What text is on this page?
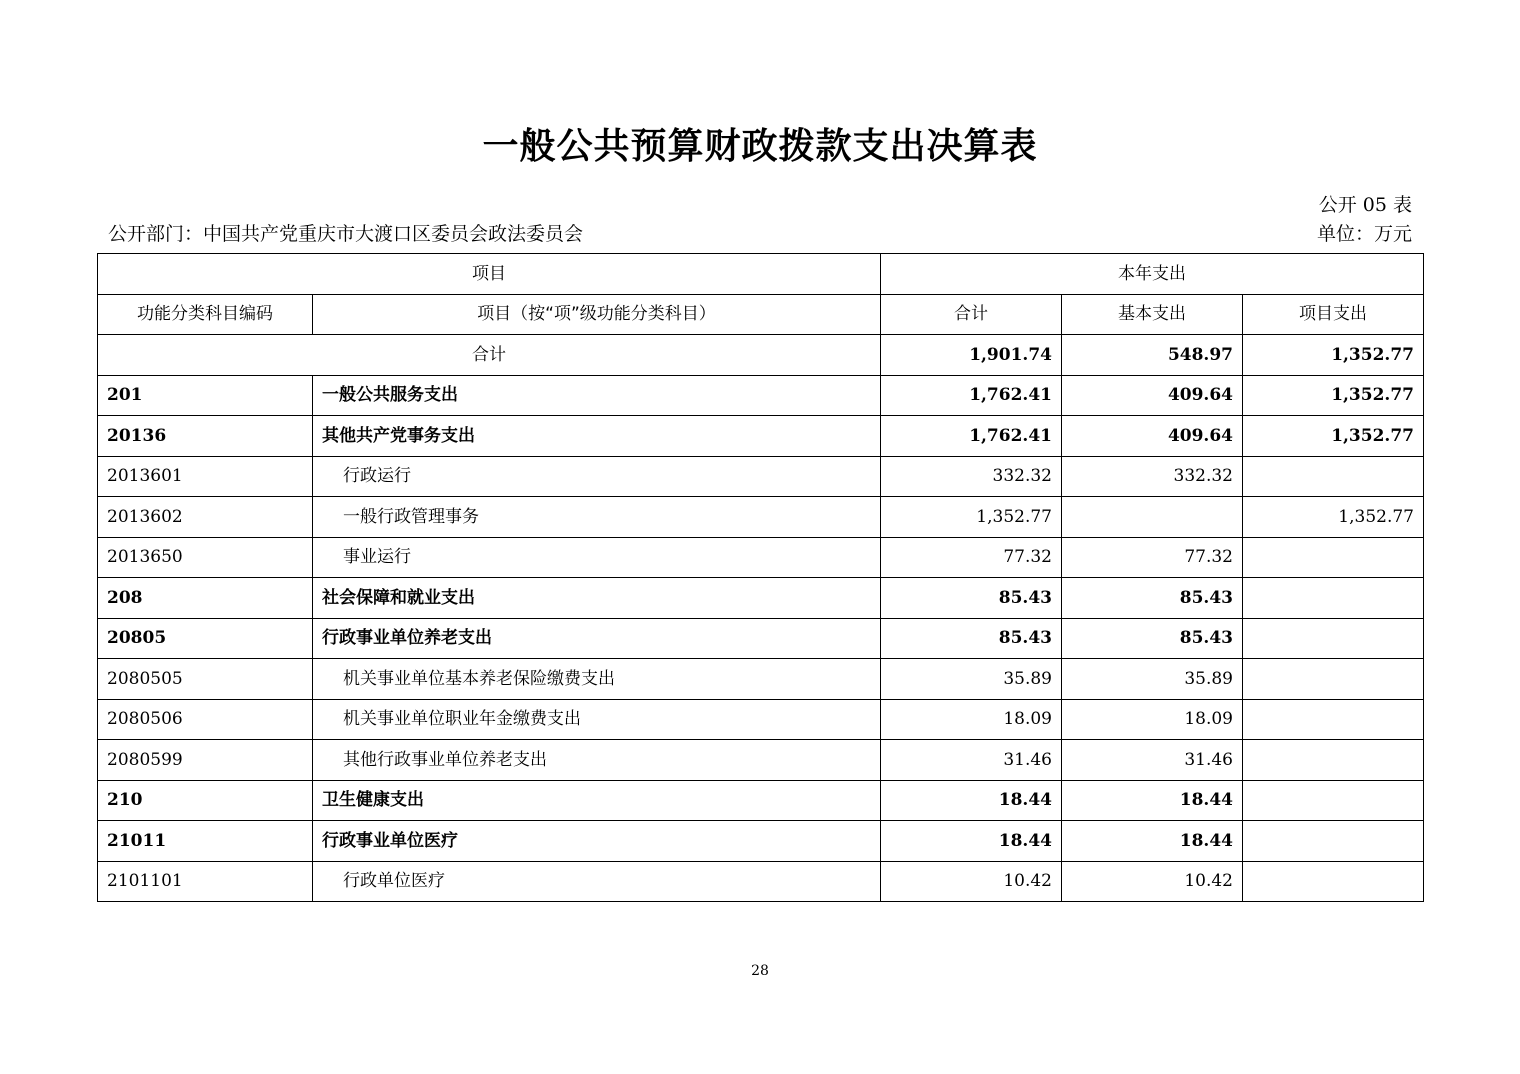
一般公共预算财政拨款支出决算表
公开 05 表
公开部门：中国共产党重庆市大渡口区委员会政法委员会	单位：万元
项目		本年支出		
功能分类科目编码	项目（按“项”级功能分类科目）	合计	基本支出	项目支出
合计		1,901.74	548.97	1,352.77
201	一般公共服务支出	1,762.41	409.64	1,352.77
20136	其他共产党事务支出	1,762.41	409.64	1,352.77
2013601	行政运行	332.32	332.32	
2013602	一般行政管理事务	1,352.77		1,352.77
2013650	事业运行	77.32	77.32	
208	社会保障和就业支出	85.43	85.43	
20805	行政事业单位养老支出	85.43	85.43	
2080505	机关事业单位基本养老保险缴费支出	35.89	35.89	
2080506	机关事业单位职业年金缴费支出	18.09	18.09	
2080599	其他行政事业单位养老支出	31.46	31.46	
210	卫生健康支出	18.44	18.44	
21011	行政事业单位医疗	18.44	18.44	
2101101	行政单位医疗	10.42	10.42	
28
